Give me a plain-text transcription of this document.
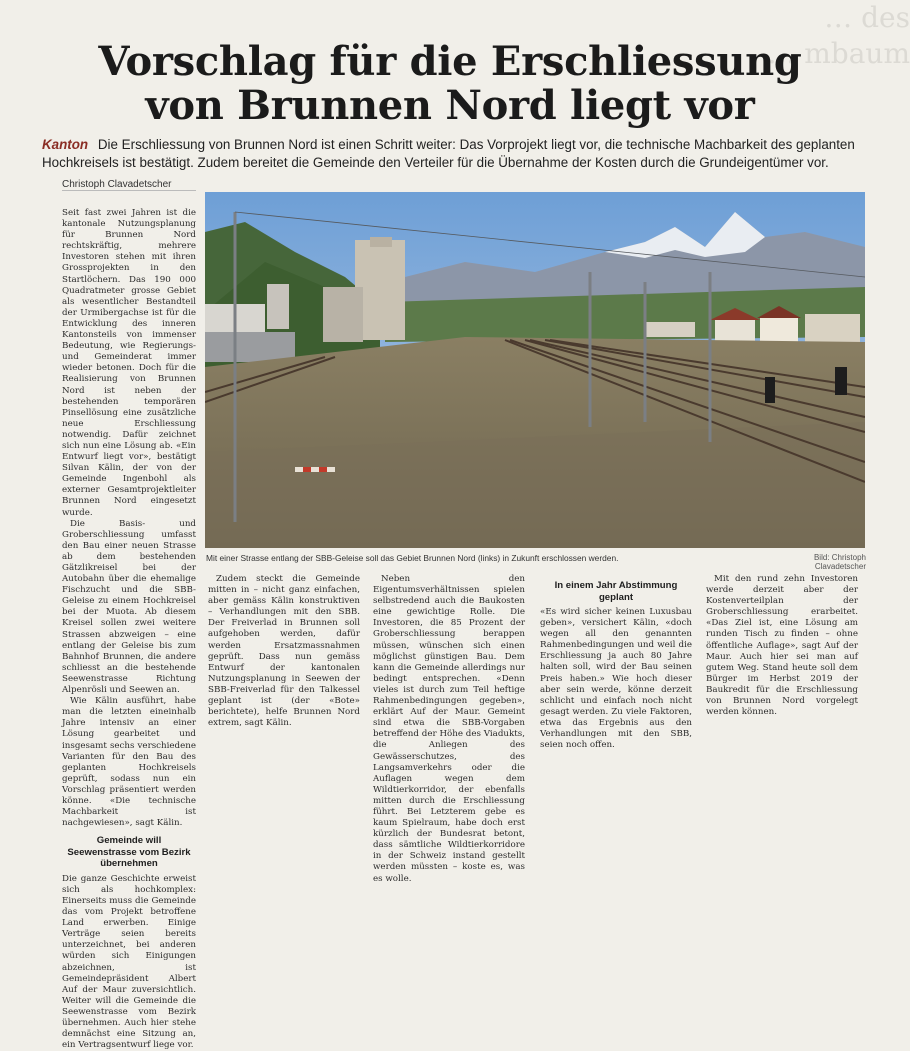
… des
… mbaum
Vorschlag für die Erschliessung
von Brunnen Nord liegt vor

Kanton Die Erschliessung von Brunnen Nord ist einen Schritt weiter: Das Vorprojekt liegt vor, die technische Machbarkeit des geplanten Hochkreisels ist bestätigt. Zudem bereitet die Gemeinde den Verteiler für die Übernahme der Kosten durch die Grundeigentümer vor.

Christoph Clavadetscher

Seit fast zwei Jahren ist die kantonale Nutzungsplanung für Brunnen Nord rechtskräftig, mehrere Investoren stehen mit ihren Grossprojekten in den Startlöchern. Das 190 000 Quadratmeter grosse Gebiet als wesentlicher Bestandteil der Urmibergachse ist für die Entwicklung des inneren Kantonsteils von immenser Bedeutung, wie Regierungs- und Gemeinderat immer wieder betonen. Doch für die Realisierung von Brunnen Nord ist neben der bestehenden temporären Pinsellösung eine zusätzliche neue Erschliessung notwendig. Dafür zeichnet sich nun eine Lösung ab. «Ein Entwurf liegt vor», bestätigt Silvan Kälin, der von der Gemeinde Ingenbohl als externer Gesamtprojektleiter Brunnen Nord eingesetzt wurde.

Die Basis- und Groberschliessung umfasst den Bau einer neuen Strasse ab dem bestehenden Gätzlikreisel bei der Autobahn über die ehemalige Fischzucht und die SBB-Geleise zu einem Hochkreisel bei der Muota. Ab diesem Kreisel sollen zwei weitere Strassen abzweigen – eine entlang der Geleise bis zum Bahnhof Brunnen, die andere schliesst an die bestehende Seewenstrasse Richtung Alpenrösli und Seewen an.

Wie Kälin ausführt, habe man die letzten eineinhalb Jahre intensiv an einer Lösung gearbeitet und insgesamt sechs verschiedene Varianten für den Bau des geplanten Hochkreisels geprüft, sodass nun ein Vorschlag präsentiert werden könne. «Die technische Machbarkeit ist nachgewiesen», sagt Kälin.

Gemeinde will Seewenstrasse vom Bezirk übernehmen

Die ganze Geschichte erweist sich als hochkomplex: Einerseits muss die Gemeinde das vom Projekt betroffene Land erwerben. Einige Verträge seien bereits unterzeichnet, bei anderen würden sich Einigungen abzeichnen, ist Gemeindepräsident Albert Auf der Maur zuversichtlich. Weiter will die Gemeinde die Seewenstrasse vom Bezirk übernehmen. Auch hier stehe demnächst eine Sitzung an, ein Vertragsentwurf liege vor.

Mit einer Strasse entlang der SBB-Geleise soll das Gebiet Brunnen Nord (links) in Zukunft erschlossen werden.	Bild: Christoph Clavadetscher

Zudem steckt die Gemeinde mitten in – nicht ganz einfachen, aber gemäss Kälin konstruktiven – Verhandlungen mit den SBB. Der Freiverlad in Brunnen soll aufgehoben werden, dafür werden Ersatzmassnahmen geprüft. Dass nun gemäss Entwurf der kantonalen Nutzungsplanung in Seewen der SBB-Freiverlad für den Talkessel geplant ist (der «Bote» berichtete), helfe Brunnen Nord extrem, sagt Kälin.

Neben den Eigentumsverhältnissen spielen selbstredend auch die Baukosten eine gewichtige Rolle. Die Investoren, die 85 Prozent der Groberschliessung berappen müssen, wünschen sich einen möglichst günstigen Bau. Dem kann die Gemeinde allerdings nur bedingt entsprechen. «Denn vieles ist durch zum Teil heftige Rahmenbedingungen gegeben», erklärt Auf der Maur. Gemeint sind etwa die SBB-Vorgaben betreffend der Höhe des Viadukts, die Anliegen des Gewässerschutzes, des Langsamverkehrs oder die Auflagen wegen dem Wildtierkorridor, der ebenfalls mitten durch die Erschliessung führt. Bei Letzterem gebe es kaum Spielraum, habe doch erst kürzlich der Bundesrat betont, dass sämtliche Wildtierkorridore in der Schweiz instand gestellt werden müssten – koste es, was es wolle.

In einem Jahr Abstimmung geplant

«Es wird sicher keinen Luxusbau geben», versichert Kälin, «doch wegen all den genannten Rahmenbedingungen und weil die Erschliessung ja auch 80 Jahre halten soll, wird der Bau seinen Preis haben.» Wie hoch dieser aber sein werde, könne derzeit schlicht und einfach noch nicht gesagt werden. Zu viele Faktoren, etwa das Ergebnis aus den Verhandlungen mit den SBB, seien noch offen.

Mit den rund zehn Investoren werde derzeit aber der Kostenverteilplan der Groberschliessung erarbeitet. «Das Ziel ist, eine Lösung am runden Tisch zu finden – ohne öffentliche Auflage», sagt Auf der Maur. Auch hier sei man auf gutem Weg. Stand heute soll dem Bürger im Herbst 2019 der Baukredit für die Erschliessung von Brunnen Nord vorgelegt werden können.
